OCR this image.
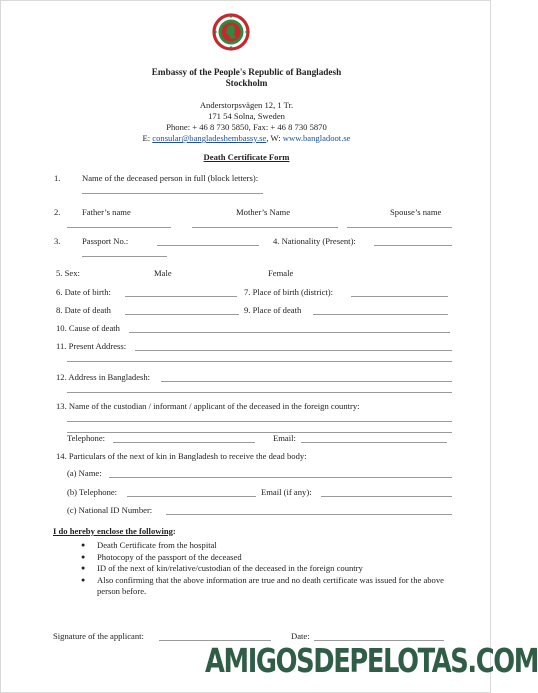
Embassy of the People's Republic of Bangladesh
Stockholm
Anderstorpsvägen 12, 1 Tr.
171 54 Solna, Sweden
Phone: + 46 8 730 5850, Fax: + 46 8 730 5870
E: consular@bangladeshembassy.se, W: www.bangladoot.se
Death Certificate Form
1.	Name of the deceased person in full (block letters):
2.	Father’s name	Mother’s Name	Spouse’s name
3.	Passport No.:	4. Nationality (Present):
5. Sex:	Male	Female
6. Date of birth:	7. Place of birth (district):
8. Date of death	9. Place of death
10. Cause of death
11. Present Address:
12. Address in Bangladesh:
13. Name of the custodian / informant / applicant of the deceased in the foreign country:
Telephone:	Email:
14. Particulars of the next of kin in Bangladesh to receive the dead body:
(a) Name:
(b) Telephone:	Email (if any):
(c) National ID Number:
I do hereby enclose the following:
● Death Certificate from the hospital
● Photocopy of the passport of the deceased
● ID of the next of kin/relative/custodian of the deceased in the foreign country
● Also confirming that the above information are true and no death certificate was issued for the above person before.
Signature of the applicant:	Date:
AMIGOSDEPELOTAS.COM
